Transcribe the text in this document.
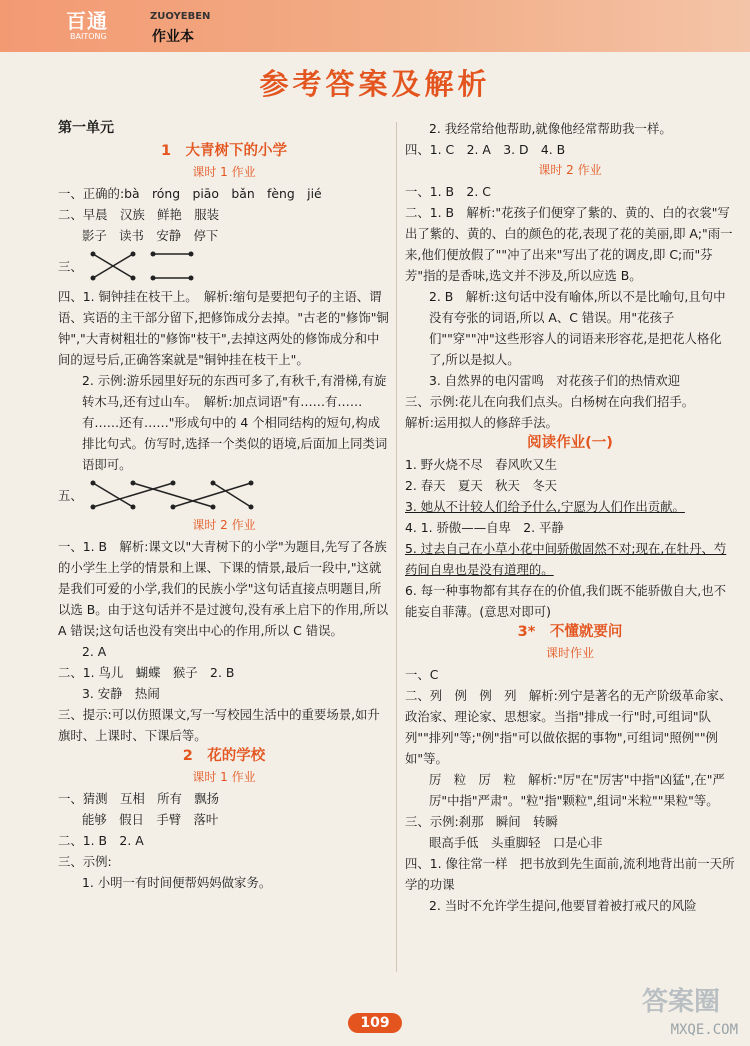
百通	ZUOYEBEN
BAITONG	作业本
参考答案及解析
第一单元
1　大青树下的小学
课时 1 作业
一、正确的:bà　róng　piāo　bǎn　fèng　jié
二、早晨　汉族　鲜艳　服装
影子　读书　安静　停下
三、
四、1. 铜钟挂在枝干上。　解析:缩句是要把句子的主语、谓语、宾语的主干部分留下,把修饰成分去掉。"古老的"修饰"铜钟","大青树粗壮的"修饰"枝干",去掉这两处的修饰成分和中间的逗号后,正确答案就是"铜钟挂在枝干上"。
2. 示例:游乐园里好玩的东西可多了,有秋千,有滑梯,有旋转木马,还有过山车。　解析:加点词语"有……有……有……还有……"形成句中的 4 个相同结构的短句,构成排比句式。仿写时,选择一个类似的语境,后面加上同类词语即可。
五、
课时 2 作业
一、1. B　解析:课文以"大青树下的小学"为题目,先写了各族的小学生上学的情景和上课、下课的情景,最后一段中,"这就是我们可爱的小学,我们的民族小学"这句话直接点明题目,所以选 B。由于这句话并不是过渡句,没有承上启下的作用,所以 A 错误;这句话也没有突出中心的作用,所以 C 错误。
2. A
二、1. 鸟儿　蝴蝶　猴子　2. B
3. 安静　热闹
三、提示:可以仿照课文,写一写校园生活中的重要场景,如升旗时、上课时、下课后等。
2　花的学校
课时 1 作业
一、猜测　互相　所有　飘扬
能够　假日　手臂　落叶
二、1. B　2. A
三、示例:
1. 小明一有时间便帮妈妈做家务。
2. 我经常给他帮助,就像他经常帮助我一样。
四、1. C　2. A　3. D　4. B
课时 2 作业
一、1. B　2. C
二、1. B　解析:"花孩子们便穿了紫的、黄的、白的衣裳"写出了紫的、黄的、白的颜色的花,表现了花的美丽,即 A;"雨一来,他们便放假了""冲了出来"写出了花的调皮,即 C;而"芬芳"指的是香味,选文并不涉及,所以应选 B。
2. B　解析:这句话中没有喻体,所以不是比喻句,且句中没有夸张的词语,所以 A、C 错误。用"花孩子们""穿""冲"这些形容人的词语来形容花,是把花人格化了,所以是拟人。
3. 自然界的电闪雷鸣　对花孩子们的热情欢迎
三、示例:花儿在向我们点头。白杨树在向我们招手。
解析:运用拟人的修辞手法。
阅读作业(一)
1. 野火烧不尽　春风吹又生
2. 春天　夏天　秋天　冬天
3. 她从不计较人们给予什么,宁愿为人们作出贡献。
4. 1. 骄傲——自卑　2. 平静
5. 过去自己在小草小花中间骄傲固然不对;现在,在牡丹、芍药间自卑也是没有道理的。
6. 每一种事物都有其存在的价值,我们既不能骄傲自大,也不能妄自菲薄。(意思对即可)
3*　不懂就要问
课时作业
一、C
二、列　例　例　列　解析:列宁是著名的无产阶级革命家、政治家、理论家、思想家。当指"排成一行"时,可组词"队列""排列"等;"例"指"可以做依据的事物",可组词"照例""例如"等。
厉　粒　厉　粒　解析:"厉"在"厉害"中指"凶猛",在"严厉"中指"严肃"。"粒"指"颗粒",组词"米粒""果粒"等。
三、示例:刹那　瞬间　转瞬
眼高手低　头重脚轻　口是心非
四、1. 像往常一样　把书放到先生面前,流利地背出前一天所学的功课
2. 当时不允许学生提问,他要冒着被打戒尺的风险
109
答案圈
MXQE.COM
